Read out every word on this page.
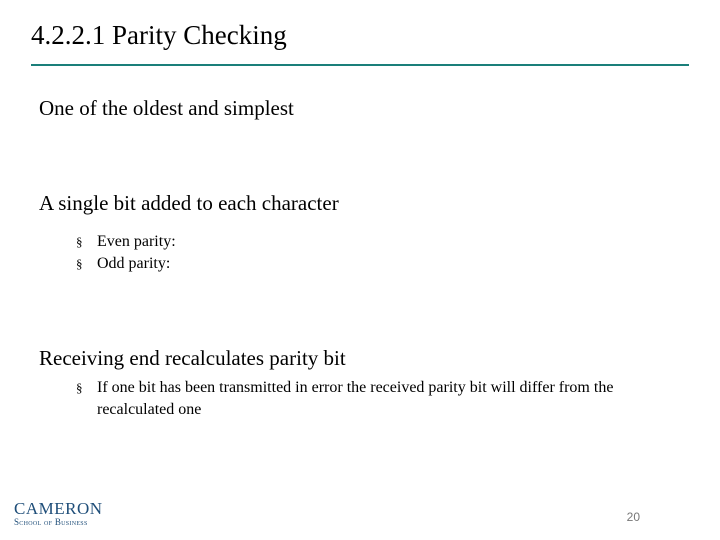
4.2.2.1 Parity Checking
One of the oldest and simplest
A single bit added to each character
§ Even parity:
§ Odd parity:
Receiving end recalculates parity bit
§ If one bit has been transmitted in error the received parity bit will differ from the recalculated one
CAMERON
School of Business	20
